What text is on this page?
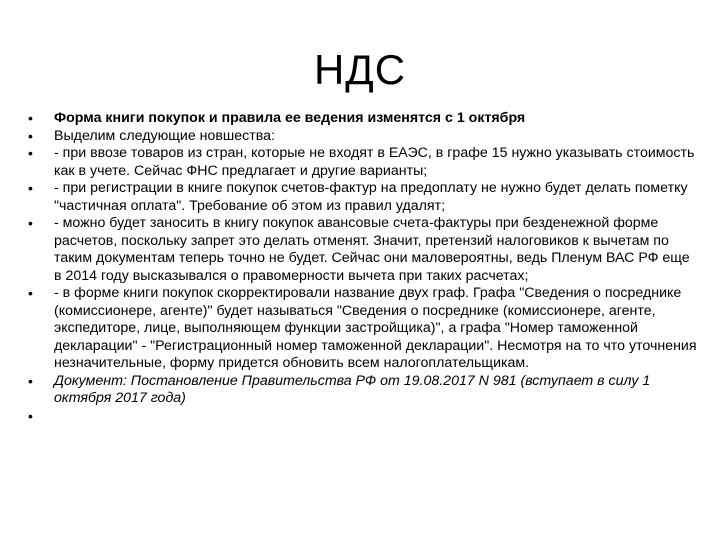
НДС
•	Форма книги покупок и правила ее ведения изменятся с 1 октября
•	Выделим следующие новшества:
•	- при ввозе товаров из стран, которые не входят в ЕАЭС, в графе 15 нужно указывать стоимость как в учете. Сейчас ФНС предлагает и другие варианты;
•	- при регистрации в книге покупок счетов-фактур на предоплату не нужно будет делать пометку "частичная оплата". Требование об этом из правил удалят;
•	- можно будет заносить в книгу покупок авансовые счета-фактуры при безденежной форме расчетов, поскольку запрет это делать отменят. Значит, претензий налоговиков к вычетам по таким документам теперь точно не будет. Сейчас они маловероятны, ведь Пленум ВАС РФ еще в 2014 году высказывался о правомерности вычета при таких расчетах;
•	- в форме книги покупок скорректировали название двух граф. Графа "Сведения о посреднике (комиссионере, агенте)" будет называться "Сведения о посреднике (комиссионере, агенте, экспедиторе, лице, выполняющем функции застройщика)", а графа "Номер таможенной декларации" - "Регистрационный номер таможенной декларации". Несмотря на то что уточнения незначительные, форму придется обновить всем налогоплательщикам.
•	Документ: Постановление Правительства РФ от 19.08.2017 N 981 (вступает в силу 1 октября 2017 года)
•
